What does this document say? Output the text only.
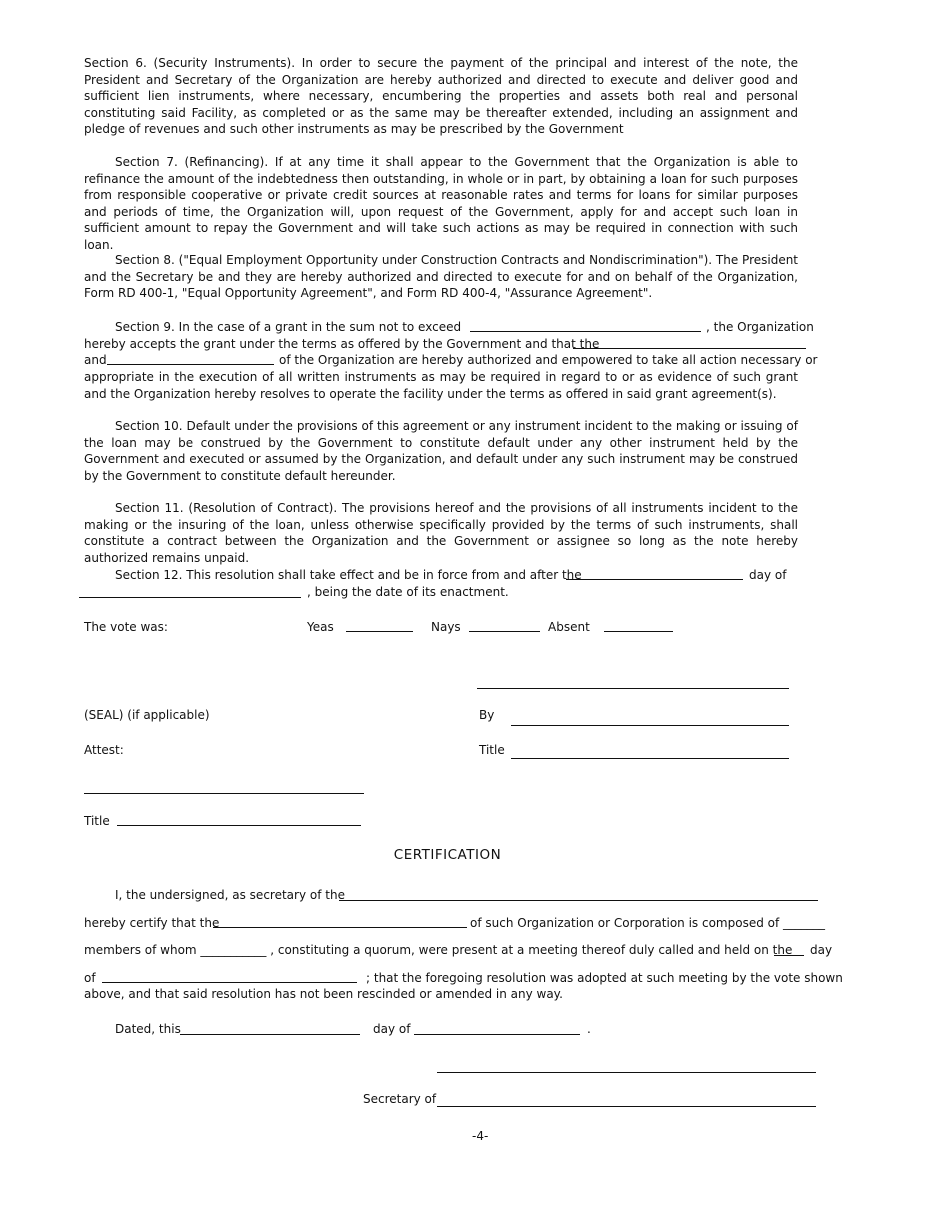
Section 6. (Security Instruments). In order to secure the payment of the principal and interest of the note, the President and Secretary of the Organization are hereby authorized and directed to execute and deliver good and sufficient lien instruments, where necessary, encumbering the properties and assets both real and personal constituting said Facility, as completed or as the same may be thereafter extended, including an assignment and pledge of revenues and such other instruments as may be prescribed by the Government

Section 7. (Refinancing). If at any time it shall appear to the Government that the Organization is able to refinance the amount of the indebtedness then outstanding, in whole or in part, by obtaining a loan for such purposes from responsible cooperative or private credit sources at reasonable rates and terms for loans for similar purposes and periods of time, the Organization will, upon request of the Government, apply for and accept such loan in sufficient amount to repay the Government and will take such actions as may be required in connection with such loan.

Section 8. ("Equal Employment Opportunity under Construction Contracts and Nondiscrimination"). The President and the Secretary be and they are hereby authorized and directed to execute for and on behalf of the Organization, Form RD 400-1, "Equal Opportunity Agreement", and Form RD 400-4, "Assurance Agreement".

Section 9. In the case of a grant in the sum not to exceed	, the Organization
hereby accepts the grant under the terms as offered by the Government and that the
and	of the Organization are hereby authorized and empowered to take all action necessary or

appropriate in the execution of all written instruments as may be required in regard to or as evidence of such grant and the Organization hereby resolves to operate the facility under the terms as offered in said grant agreement(s).

Section 10. Default under the provisions of this agreement or any instrument incident to the making or issuing of the loan may be construed by the Government to constitute default under any other instrument held by the Government and executed or assumed by the Organization, and default under any such instrument may be construed by the Government to constitute default hereunder.

Section 11. (Resolution of Contract). The provisions hereof and the provisions of all instruments incident to the making or the insuring of the loan, unless otherwise specifically provided by the terms of such instruments, shall constitute a contract between the Organization and the Government or assignee so long as the note hereby authorized remains unpaid.

Section 12. This resolution shall take effect and be in force from and after the	day of
, being the date of its enactment.
The vote was:	Yeas	Nays	Absent
(SEAL) (if applicable)	By
Attest:	Title
Title
CERTIFICATION
I, the undersigned, as secretary of the
hereby certify that the	of such Organization or Corporation is composed of _______
members of whom ___________ , constituting a quorum, were present at a meeting thereof duly called and held on the day
of	; that the foregoing resolution was adopted at such meeting by the vote shown
above, and that said resolution has not been rescinded or amended in any way.
Dated, this	day of	.
Secretary of
-4-
